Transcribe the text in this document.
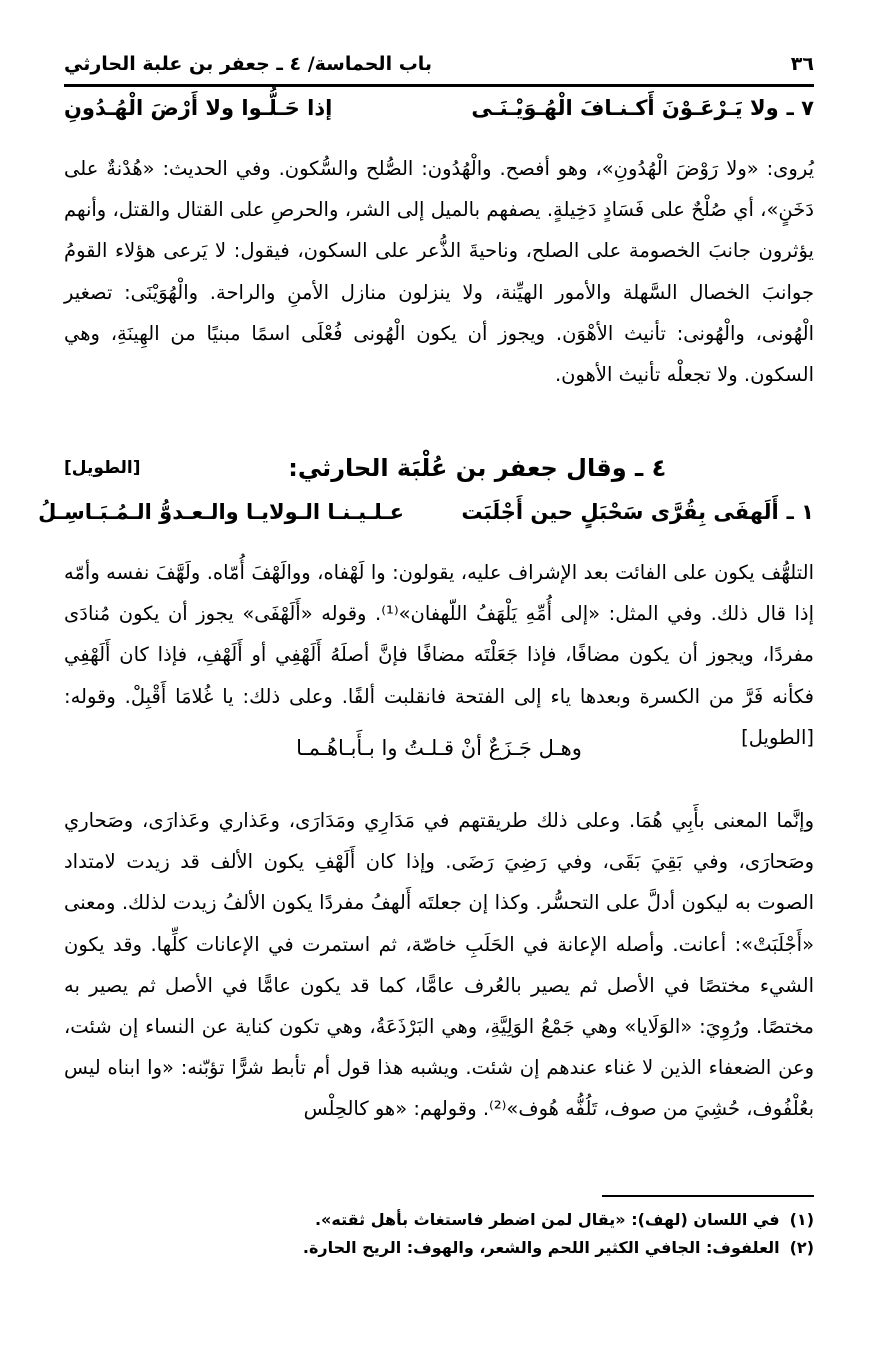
٣٦
باب الحماسة/ ٤ ـ جعفر بن علبة الحارثي
٧ ـ
ولا يَـرْعَـوْنَ أَكـنـافَ الْهُـوَيْـنَـى
إذا حَـلُّـوا ولا أَرْضَ الْهُـدُونِ

يُروى: «ولا رَوْضَ الْهُدُونِ»، وهو أفصح. والْهُدُون: الصُّلح والسُّكون. وفي الحديث: «هُدْنةٌ على دَخَنٍ»، أي صُلْحٌ على فَسَادٍ دَخِيلةٍ. يصفهم بالميل إلى الشر، والحرصِ على القتال والقتل، وأنهم يؤثرون جانبَ الخصومة على الصلح، وناحيةَ الذُّعر على السكون، فيقول: لا يَرعى هؤلاء القومُ جوانبَ الخصال السَّهلة والأمور الهيِّنة، ولا ينزلون منازل الأمنِ والراحة. والْهُوَيْنَى: تصغير الْهُونى، والْهُونى: تأنيث الأهْوَن. ويجوز أن يكون الْهُونى فُعْلَى اسمًا مبنيًا من الهِينَةِ، وهي السكون. ولا تجعلْه تأنيث الأهون.

٤ ـ وقال جعفر بن عُلْبَة الحارثي:
[الطويل]
١ ـ
أَلَهفَى بِقُرَّى سَحْبَلٍ حين أَجْلَبَت
عـلـيـنـا الـولايـا والـعـدوُّ الـمُـبَـاسِـلُ

التلهُّف يكون على الفائت بعد الإشراف عليه، يقولون: وا لَهْفاه، ووالَهْفَ أُمّاه. ولَهَّفَ نفسه وأمّه إذا قال ذلك. وفي المثل: «إلى أُمِّهِ يَلْهَفُ اللّهفان»⁽¹⁾. وقوله «أَلَهْفَى» يجوز أن يكون مُنادَى مفردًا، ويجوز أن يكون مضافًا، فإذا جَعَلْتَه مضافًا فإنَّ أصلَهُ أَلَهْفِي أو أَلَهْفِ، فإذا كان أَلَهْفِي فكأنه فَرَّ من الكسرة وبعدها ياء إلى الفتحة فانقلبت ألفًا. وعلى ذلك: يا غُلامَا أَقْبِلْ. وقوله: [الطويل]

وهـل جَـزَعٌ أنْ قـلـتُ وا بـأَبـاهُـمـا

وإنَّما المعنى بأَبِي هُمَا. وعلى ذلك طريقتهم في مَدَارِي ومَدَارَى، وعَذاري وعَذارَى، وصَحاري وصَحارَى، وفي بَقِيَ بَقَى، وفي رَضِيَ رَضَى. وإذا كان أَلَهْفِ يكون الألف قد زيدت لامتداد الصوت به ليكون أدلَّ على التحسُّر. وكذا إن جعلتَه أَلهفُ مفردًا يكون الألفُ زيدت لذلك. ومعنى «أَجْلَبَتْ»: أعانت. وأصله الإعانة في الحَلَبِ خاصّة، ثم استمرت في الإعانات كلِّها. وقد يكون الشيء مختصًا في الأصل ثم يصير بالعُرف عامًّا، كما قد يكون عامًّا في الأصل ثم يصير به مختصًا. ورُوِيَ: «الوَلَايا» وهي جَمْعُ الوَلِيَّةِ، وهي البَرْذَعَةُ، وهي تكون كناية عن النساء إن شئت، وعن الضعفاء الذين لا غناء عندهم إن شئت. ويشبه هذا قول أم تأبط شرًّا تؤبّنه: «وا ابناه ليس بعُلْفُوف، حُشِيَ من صوف، تَلُفُّه هُوف»⁽²⁾. وقولهم: «هو كالحِلْس

(١)
في اللسان (لهف): «يقال لمن اضطر فاستغاث بأهل ثقته».
(٢)
العلفوف: الجافي الكثير اللحم والشعر، والهوف: الريح الحارة.
